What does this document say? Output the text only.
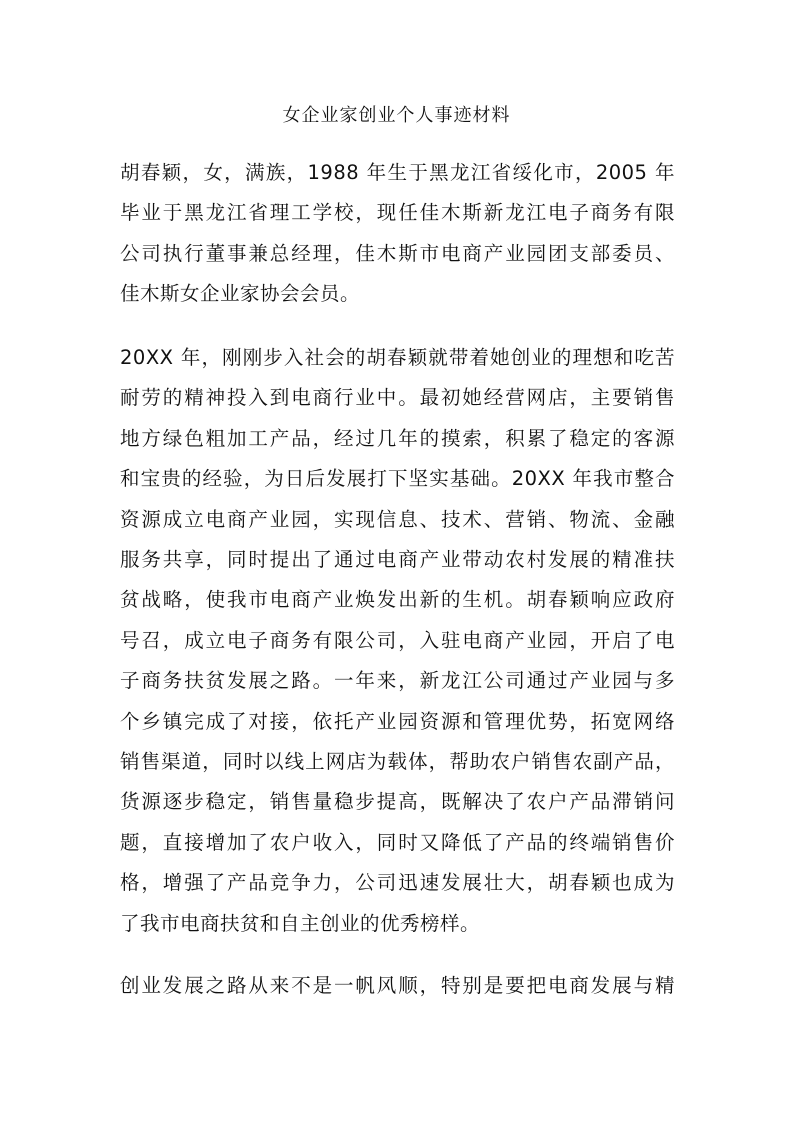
女企业家创业个人事迹材料
胡春颖，女，满族，1988 年生于黑龙江省绥化市，2005 年
毕业于黑龙江省理工学校，现任佳木斯新龙江电子商务有限
公司执行董事兼总经理，佳木斯市电商产业园团支部委员、
佳木斯女企业家协会会员。
20XX 年，刚刚步入社会的胡春颖就带着她创业的理想和吃苦
耐劳的精神投入到电商行业中。最初她经营网店，主要销售
地方绿色粗加工产品，经过几年的摸索，积累了稳定的客源
和宝贵的经验，为日后发展打下坚实基础。20XX 年我市整合
资源成立电商产业园，实现信息、技术、营销、物流、金融
服务共享，同时提出了通过电商产业带动农村发展的精准扶
贫战略，使我市电商产业焕发出新的生机。胡春颖响应政府
号召，成立电子商务有限公司，入驻电商产业园，开启了电
子商务扶贫发展之路。一年来，新龙江公司通过产业园与多
个乡镇完成了对接，依托产业园资源和管理优势，拓宽网络
销售渠道，同时以线上网店为载体，帮助农户销售农副产品，
货源逐步稳定，销售量稳步提高，既解决了农户产品滞销问
题，直接增加了农户收入，同时又降低了产品的终端销售价
格，增强了产品竞争力，公司迅速发展壮大，胡春颖也成为
了我市电商扶贫和自主创业的优秀榜样。
创业发展之路从来不是一帆风顺，特别是要把电商发展与精
